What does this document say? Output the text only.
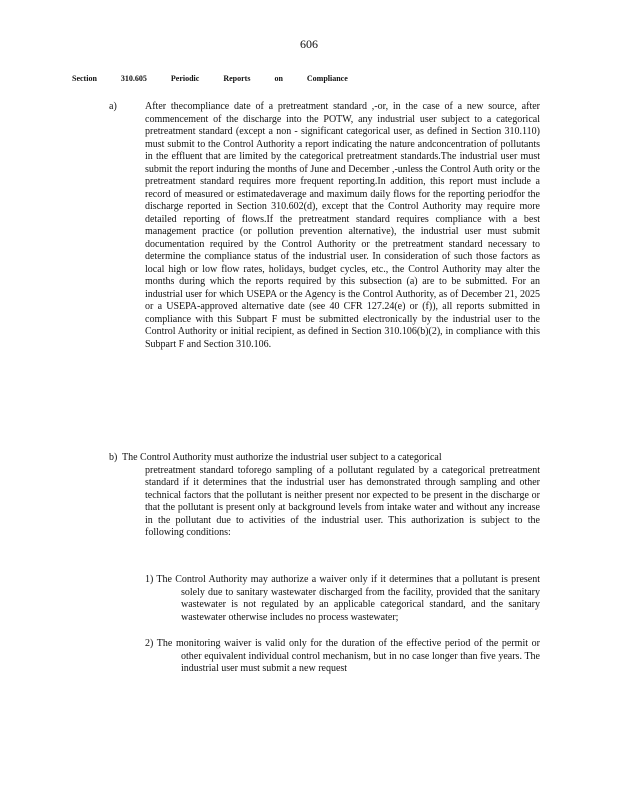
606
Section	310.605	Periodic	Reports	on	Compliance
a)	After thecompliance date of a pretreatment standard ,-or, in the case of a new source, after commencement of the discharge into the POTW, any industrial user subject to a categorical pretreatment standard (except a non - significant categorical user, as defined in Section 310.110) must submit to the Control Authority a report indicating the nature andconcentration of pollutants in the effluent that are limited by the categorical pretreatment standards.The industrial user must submit the report induring the months of June and December ,-unless the Control Auth ority or the pretreatment standard requires more frequent reporting.In addition, this report must include a record of measured or estimatedaverage and maximum daily flows for the reporting periodfor the discharge reported in Section 310.602(d), except that the Control Authority may require more detailed reporting of flows.If the pretreatment standard requires compliance with a best management practice (or pollution prevention alternative), the industrial user must submit documentation required by the Control Authority or the pretreatment standard necessary to determine the compliance status of the industrial user. In consideration of such those factors as local high or low flow rates, holidays, budget cycles, etc., the Control Authority may alter the months during which the reports required by this subsection (a) are to be submitted. For an industrial user for which USEPA or the Agency is the Control Authority, as of December 21, 2025 or a USEPA-approved alternative date (see 40 CFR 127.24(e) or (f)), all reports submitted in compliance with this Subpart F must be submitted electronically by the industrial user to the Control Authority or initial recipient, as defined in Section 310.106(b)(2), in compliance with this Subpart F and Section 310.106.
b) The Control Authority must authorize the industrial user subject to a categorical
pretreatment standard toforego sampling of a pollutant regulated by a categorical pretreatment standard if it determines that the industrial user has demonstrated through sampling and other technical factors that the pollutant is neither present nor expected to be present in the discharge or that the pollutant is present only at background levels from intake water and without any increase in the pollutant due to activities of the industrial user. This authorization is subject to the following conditions:
1) The Control Authority may authorize a waiver only if it determines that a pollutant is present solely due to sanitary wastewater discharged from the facility, provided that the sanitary wastewater is not regulated by an applicable categorical standard, and the sanitary wastewater otherwise includes no process wastewater;
2) The monitoring waiver is valid only for the duration of the effective period of the permit or other equivalent individual control mechanism, but in no case longer than five years. The industrial user must submit a new request
